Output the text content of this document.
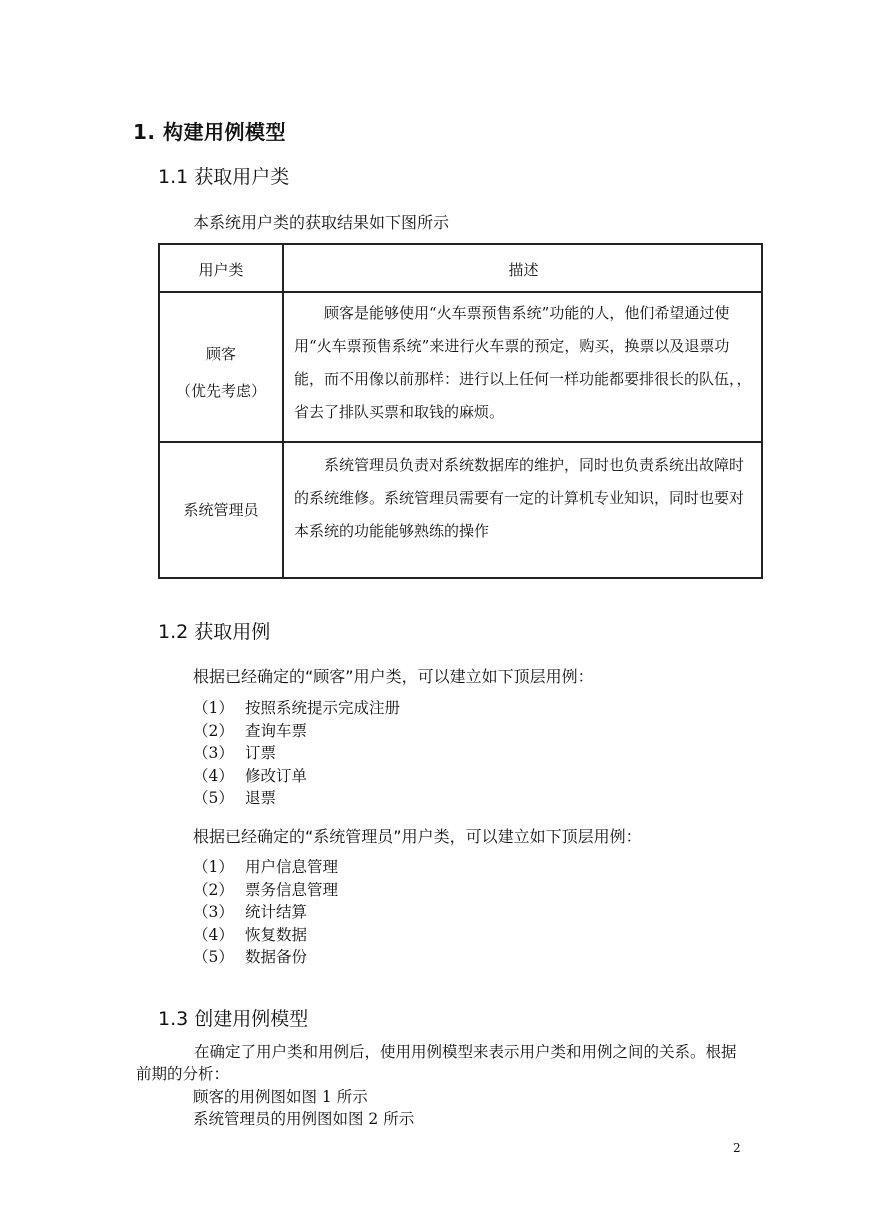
1. 构建用例模型
1.1 获取用户类
本系统用户类的获取结果如下图所示
用户类	描述
顾客
（优先考虑）
顾客是能够使用“火车票预售系统”功能的人，他们希望通过使用“火车票预售系统”来进行火车票的预定，购买，换票以及退票功能，而不用像以前那样：进行以上任何一样功能都要排很长的队伍，，省去了排队买票和取钱的麻烦。
系统管理员
系统管理员负责对系统数据库的维护，同时也负责系统出故障时的系统维修。系统管理员需要有一定的计算机专业知识，同时也要对本系统的功能能够熟练的操作
1.2 获取用例
根据已经确定的“顾客”用户类，可以建立如下顶层用例：
（1） 按照系统提示完成注册
（2） 查询车票
（3） 订票
（4） 修改订单
（5） 退票
根据已经确定的“系统管理员”用户类，可以建立如下顶层用例：
（1） 用户信息管理
（2） 票务信息管理
（3） 统计结算
（4） 恢复数据
（5） 数据备份
1.3 创建用例模型
在确定了用户类和用例后，使用用例模型来表示用户类和用例之间的关系。根据前期的分析：
顾客的用例图如图 1 所示
系统管理员的用例图如图 2 所示
2
